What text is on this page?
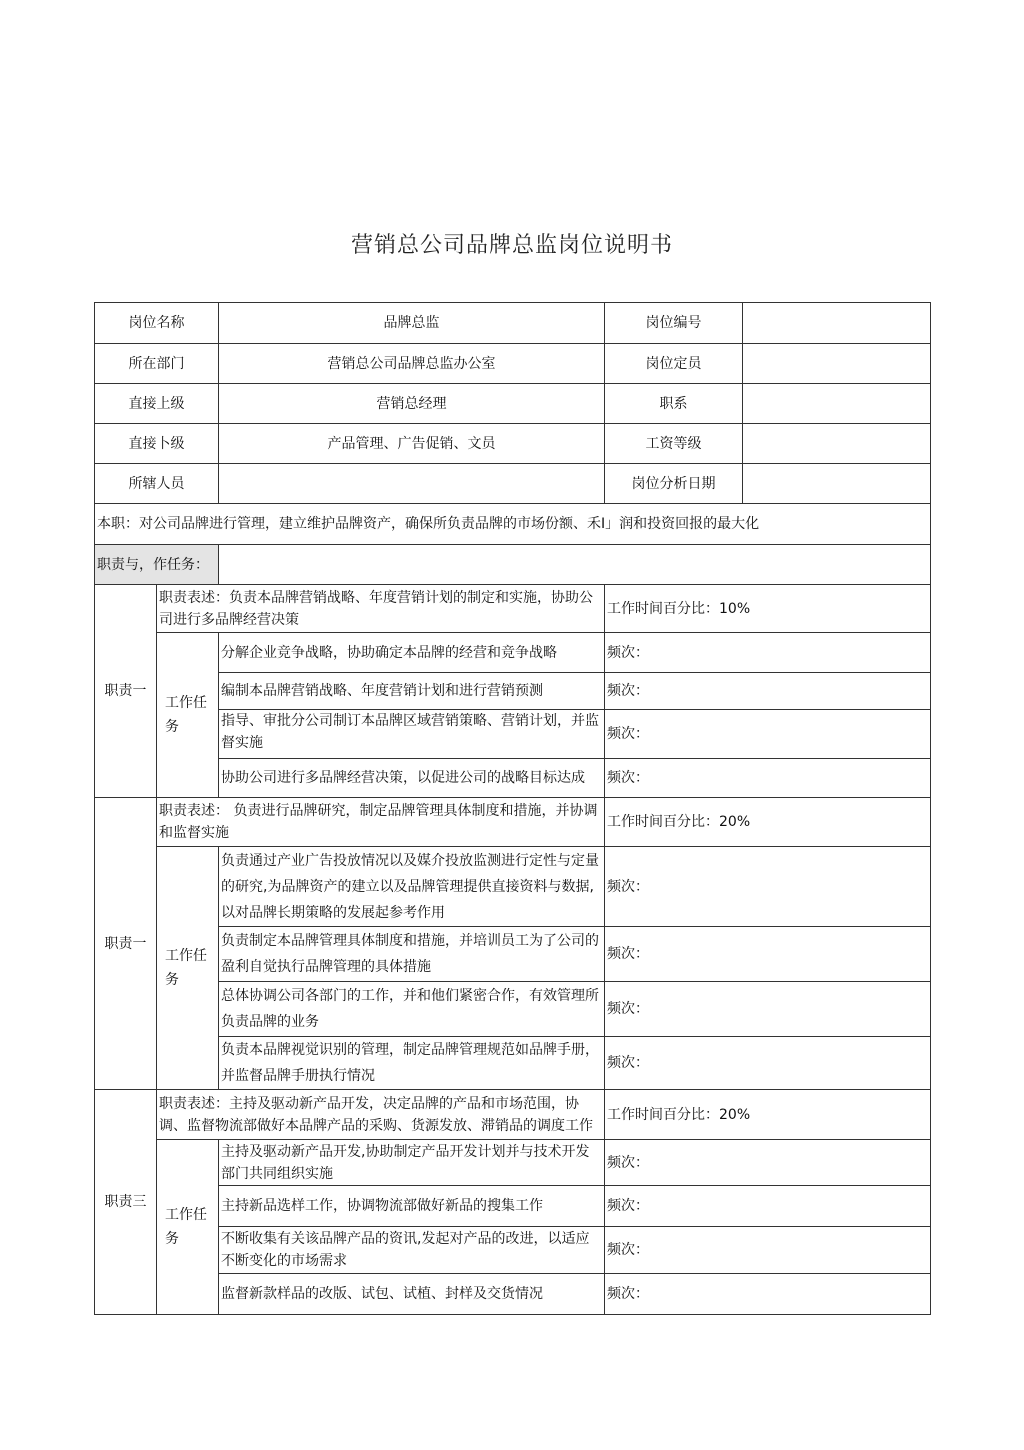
营销总公司品牌总监岗位说明书
岗位名称		品牌总监	岗位编号	
所在部门		营销总公司品牌总监办公室	岗位定员	
直接上级		营销总经理	职系	
直接卜级		产品管理、广告促销、文员	工资等级	
所辖人员			岗位分析日期	
本职：对公司品牌进行管理，建立维护品牌资产，确保所负责品牌的市场份额、禾Ⅰ」润和投资回报的最大化				
职责与，作任务：				
职责一	职责表述：负责本品牌营销战略、年度营销计划的制定和实施，协助公司进行多品牌经营决策		工作时间百分比：10%	
	工作任务	分解企业竞争战略，协助确定本品牌的经营和竞争战略	频次：	
		编制本品牌营销战略、年度营销计划和进行营销预测	频次：	
		指导、审批分公司制订本品牌区域营销策略、营销计划，并监督实施	频次：	
		协助公司进行多品牌经营决策，以促进公司的战略目标达成	频次：	
职责一	职责表述： 负责进行品牌研究，制定品牌管理具体制度和措施，并协调和监督实施		工作时间百分比：20%	
	工作任务	负责通过产业广告投放情况以及媒介投放监测进行定性与定量的研究,为品牌资产的建立以及品牌管理提供直接资料与数据,以对品牌长期策略的发展起参考作用	频次：	
		负责制定本品牌管理具体制度和措施，并培训员工为了公司的盈利自觉执行品牌管理的具体措施	频次：	
		总体协调公司各部门的工作，并和他们紧密合作，有效管理所负责品牌的业务	频次：	
		负责本品牌视觉识别的管理，制定品牌管理规范如品牌手册，并监督品牌手册执行情况	频次：	
职责三	职责表述：主持及驱动新产品开发，决定品牌的产品和市场范围，协调、监督物流部做好本品牌产品的采购、货源发放、滞销品的调度工作		工作时间百分比：20%	
	工作任务	主持及驱动新产品开发,协助制定产品开发计划并与技术开发部门共同组织实施	频次：	
		主持新品选样工作，协调物流部做好新品的搜集工作	频次：	
		不断收集有关该品牌产品的资讯,发起对产品的改进，以适应不断变化的市场需求	频次：	
		监督新款样品的改版、试包、试植、封样及交货情况	频次：	
